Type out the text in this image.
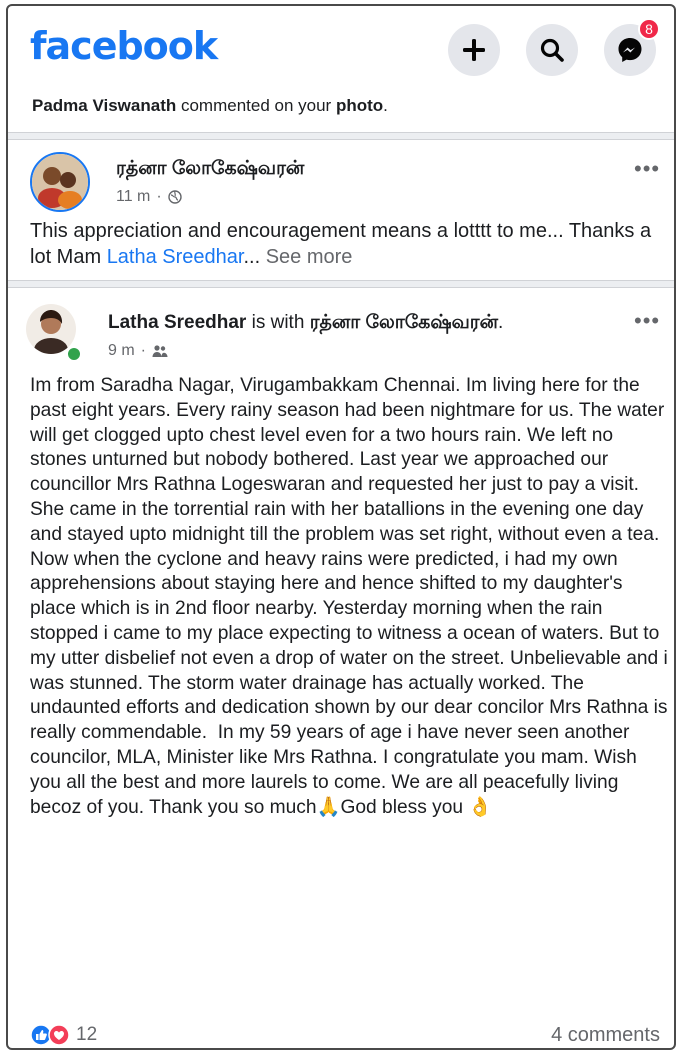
facebook	8
Padma Viswanath commented on your photo.
ரத்னா லோகேஷ்வரன்
11 m ·
•••
This appreciation and encouragement means a lotttt to me... Thanks a lot Mam Latha Sreedhar... See more
Latha Sreedhar is with ரத்னா லோகேஷ்வரன்.
9 m ·
•••
Im from Saradha Nagar, Virugambakkam Chennai. Im living here for the past eight years. Every rainy season had been nightmare for us. The water will get clogged upto chest level even for a two hours rain. We left no stones unturned but nobody bothered. Last year we approached our councillor Mrs Rathna Logeswaran and requested her just to pay a visit. She came in the torrential rain with her batallions in the evening one day and stayed upto midnight till the problem was set right, without even a tea.
Now when the cyclone and heavy rains were predicted, i had my own apprehensions about staying here and hence shifted to my daughter's place which is in 2nd floor nearby. Yesterday morning when the rain stopped i came to my place expecting to witness a ocean of waters. But to my utter disbelief not even a drop of water on the street. Unbelievable and i was stunned. The storm water drainage has actually worked. The undaunted efforts and dedication shown by our dear concilor Mrs Rathna is really commendable.  In my 59 years of age i have never seen another councilor, MLA, Minister like Mrs Rathna. I congratulate you mam. Wish you all the best and more laurels to come. We are all peacefully living becoz of you. Thank you so much🙏God bless you 👌
12	4 comments
